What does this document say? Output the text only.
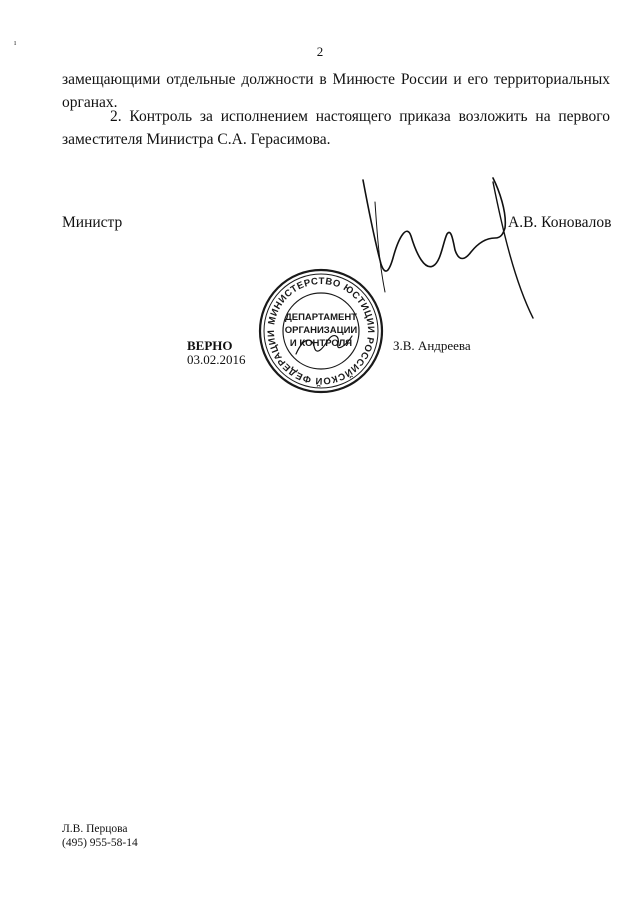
ı
2
замещающими отдельные должности в Минюсте России и его территориальных органах.
2. Контроль за исполнением настоящего приказа возложить на первого заместителя Министра С.А. Герасимова.
Министр	А.В. Коновалов
МИНИСТЕРСТВО ЮСТИЦИИ РОССИЙСКОЙ ФЕДЕРАЦИИ
ДЕПАРТАМЕНТ
ОРГАНИЗАЦИИ
И КОНТРОЛЯ
ВЕРНО
03.02.2016
З.В. Андреева
Л.В. Перцова
(495) 955-58-14
